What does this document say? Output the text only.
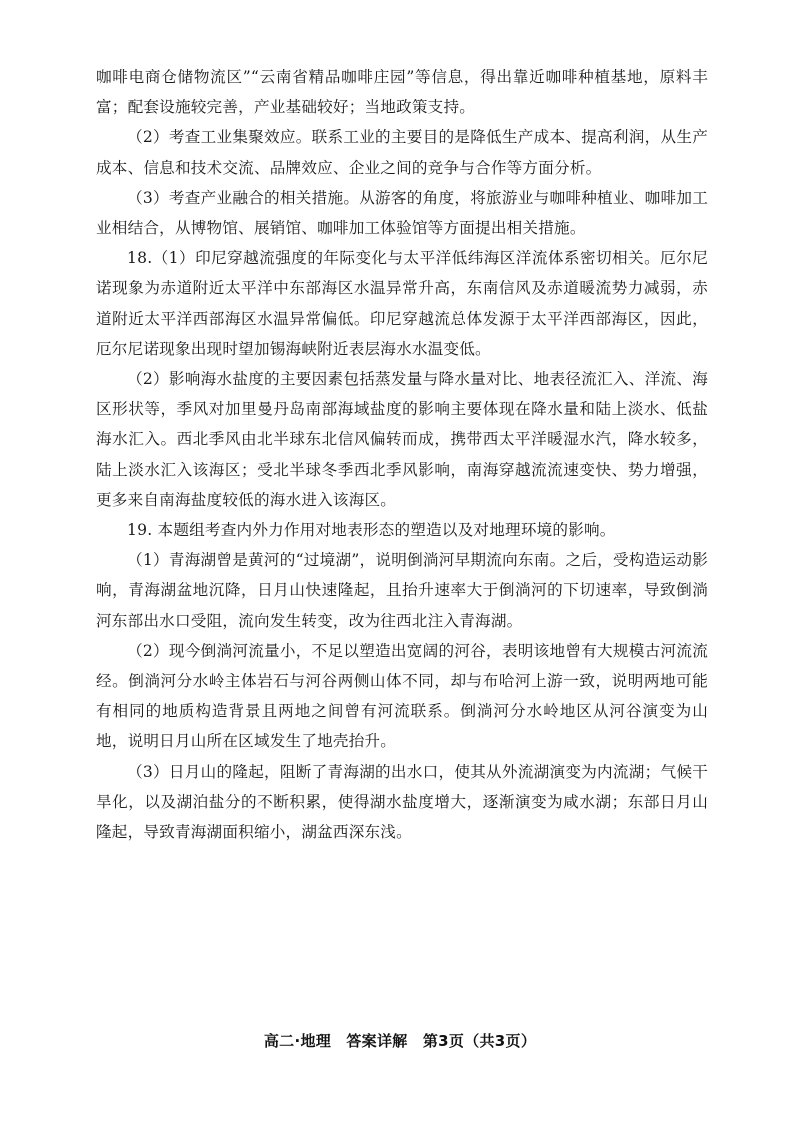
咖啡电商仓储物流区”“云南省精品咖啡庄园”等信息，得出靠近咖啡种植基地，原料丰富；配套设施较完善，产业基础较好；当地政策支持。

（2）考查工业集聚效应。联系工业的主要目的是降低生产成本、提高利润，从生产成本、信息和技术交流、品牌效应、企业之间的竞争与合作等方面分析。

（3）考查产业融合的相关措施。从游客的角度，将旅游业与咖啡种植业、咖啡加工业相结合，从博物馆、展销馆、咖啡加工体验馆等方面提出相关措施。

18.（1）印尼穿越流强度的年际变化与太平洋低纬海区洋流体系密切相关。厄尔尼诺现象为赤道附近太平洋中东部海区水温异常升高，东南信风及赤道暖流势力减弱，赤道附近太平洋西部海区水温异常偏低。印尼穿越流总体发源于太平洋西部海区，因此，厄尔尼诺现象出现时望加锡海峡附近表层海水水温变低。

（2）影响海水盐度的主要因素包括蒸发量与降水量对比、地表径流汇入、洋流、海区形状等，季风对加里曼丹岛南部海域盐度的影响主要体现在降水量和陆上淡水、低盐海水汇入。西北季风由北半球东北信风偏转而成，携带西太平洋暖湿水汽，降水较多，陆上淡水汇入该海区；受北半球冬季西北季风影响，南海穿越流流速变快、势力增强，更多来自南海盐度较低的海水进入该海区。

19. 本题组考查内外力作用对地表形态的塑造以及对地理环境的影响。

（1）青海湖曾是黄河的“过境湖”，说明倒淌河早期流向东南。之后，受构造运动影响，青海湖盆地沉降，日月山快速隆起，且抬升速率大于倒淌河的下切速率，导致倒淌河东部出水口受阻，流向发生转变，改为往西北注入青海湖。

（2）现今倒淌河流量小，不足以塑造出宽阔的河谷，表明该地曾有大规模古河流流经。倒淌河分水岭主体岩石与河谷两侧山体不同，却与布哈河上游一致，说明两地可能有相同的地质构造背景且两地之间曾有河流联系。倒淌河分水岭地区从河谷演变为山地，说明日月山所在区域发生了地壳抬升。

（3）日月山的隆起，阻断了青海湖的出水口，使其从外流湖演变为内流湖；气候干旱化，以及湖泊盐分的不断积累，使得湖水盐度增大，逐渐演变为咸水湖；东部日月山隆起，导致青海湖面积缩小，湖盆西深东浅。

高二·地理　答案详解　第3页（共3页）
